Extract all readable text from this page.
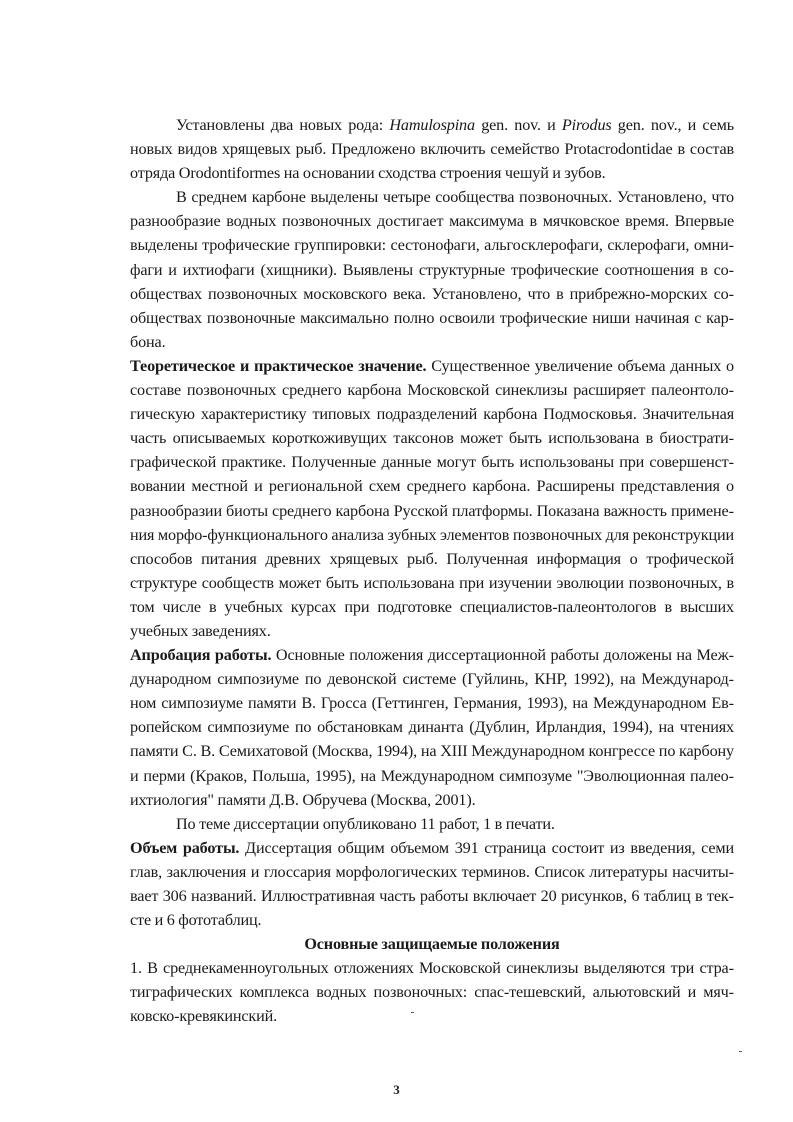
Установлены два новых рода: Hamulospina gen. nov. и Pirodus gen. nov., и семь новых видов хрящевых рыб. Предложено включить семейство Protacrodontidae в состав отряда Orodontiformes на основании сходства строения чешуй и зубов.

В среднем карбоне выделены четыре сообщества позвоночных. Установлено, что разнообразие водных позвоночных достигает максимума в мячковское время. Впервые выделены трофические группировки: сестонофаги, альгосклерофаги, склерофаги, омнифаги и ихтиофаги (хищники). Выявлены структурные трофические соотношения в сообществах позвоночных московского века. Установлено, что в прибрежно-морских сообществах позвоночные максимально полно освоили трофические ниши начиная с карбона.

Теоретическое и практическое значение. Существенное увеличение объема данных о составе позвоночных среднего карбона Московской синеклизы расширяет палеонтологическую характеристику типовых подразделений карбона Подмосковья. Значительная часть описываемых короткоживущих таксонов может быть использована в биостратиграфической практике. Полученные данные могут быть использованы при совершенствовании местной и региональной схем среднего карбона. Расширены представления о разнообразии биоты среднего карбона Русской платформы. Показана важность применения морфо-функционального анализа зубных элементов позвоночных для реконструкции способов питания древних хрящевых рыб. Полученная информация о трофической структуре сообществ может быть использована при изучении эволюции позвоночных, в том числе в учебных курсах при подготовке специалистов-палеонтологов в высших учебных заведениях.

Апробация работы. Основные положения диссертационной работы доложены на Международном симпозиуме по девонской системе (Гуйлинь, КНР, 1992), на Международном симпозиуме памяти В. Гросса (Геттинген, Германия, 1993), на Международном Европейском симпозиуме по обстановкам динанта (Дублин, Ирландия, 1994), на чтениях памяти С. В. Семихатовой (Москва, 1994), на XIII Международном конгрессе по карбону и перми (Краков, Польша, 1995), на Международном симпозуме "Эволюционная палеоихтиология" памяти Д.В. Обручева (Москва, 2001).

По теме диссертации опубликовано 11 работ, 1 в печати.

Объем работы. Диссертация общим объемом 391 страница состоит из введения, семи глав, заключения и глоссария морфологических терминов. Список литературы насчитывает 306 названий. Иллюстративная часть работы включает 20 рисунков, 6 таблиц в тексте и 6 фототаблиц.

Основные защищаемые положения

1. В среднекаменноугольных отложениях Московской синеклизы выделяются три стратиграфических комплекса водных позвоночных: спас-тешевский, альютовский и мячковско-кревякинский.

3
